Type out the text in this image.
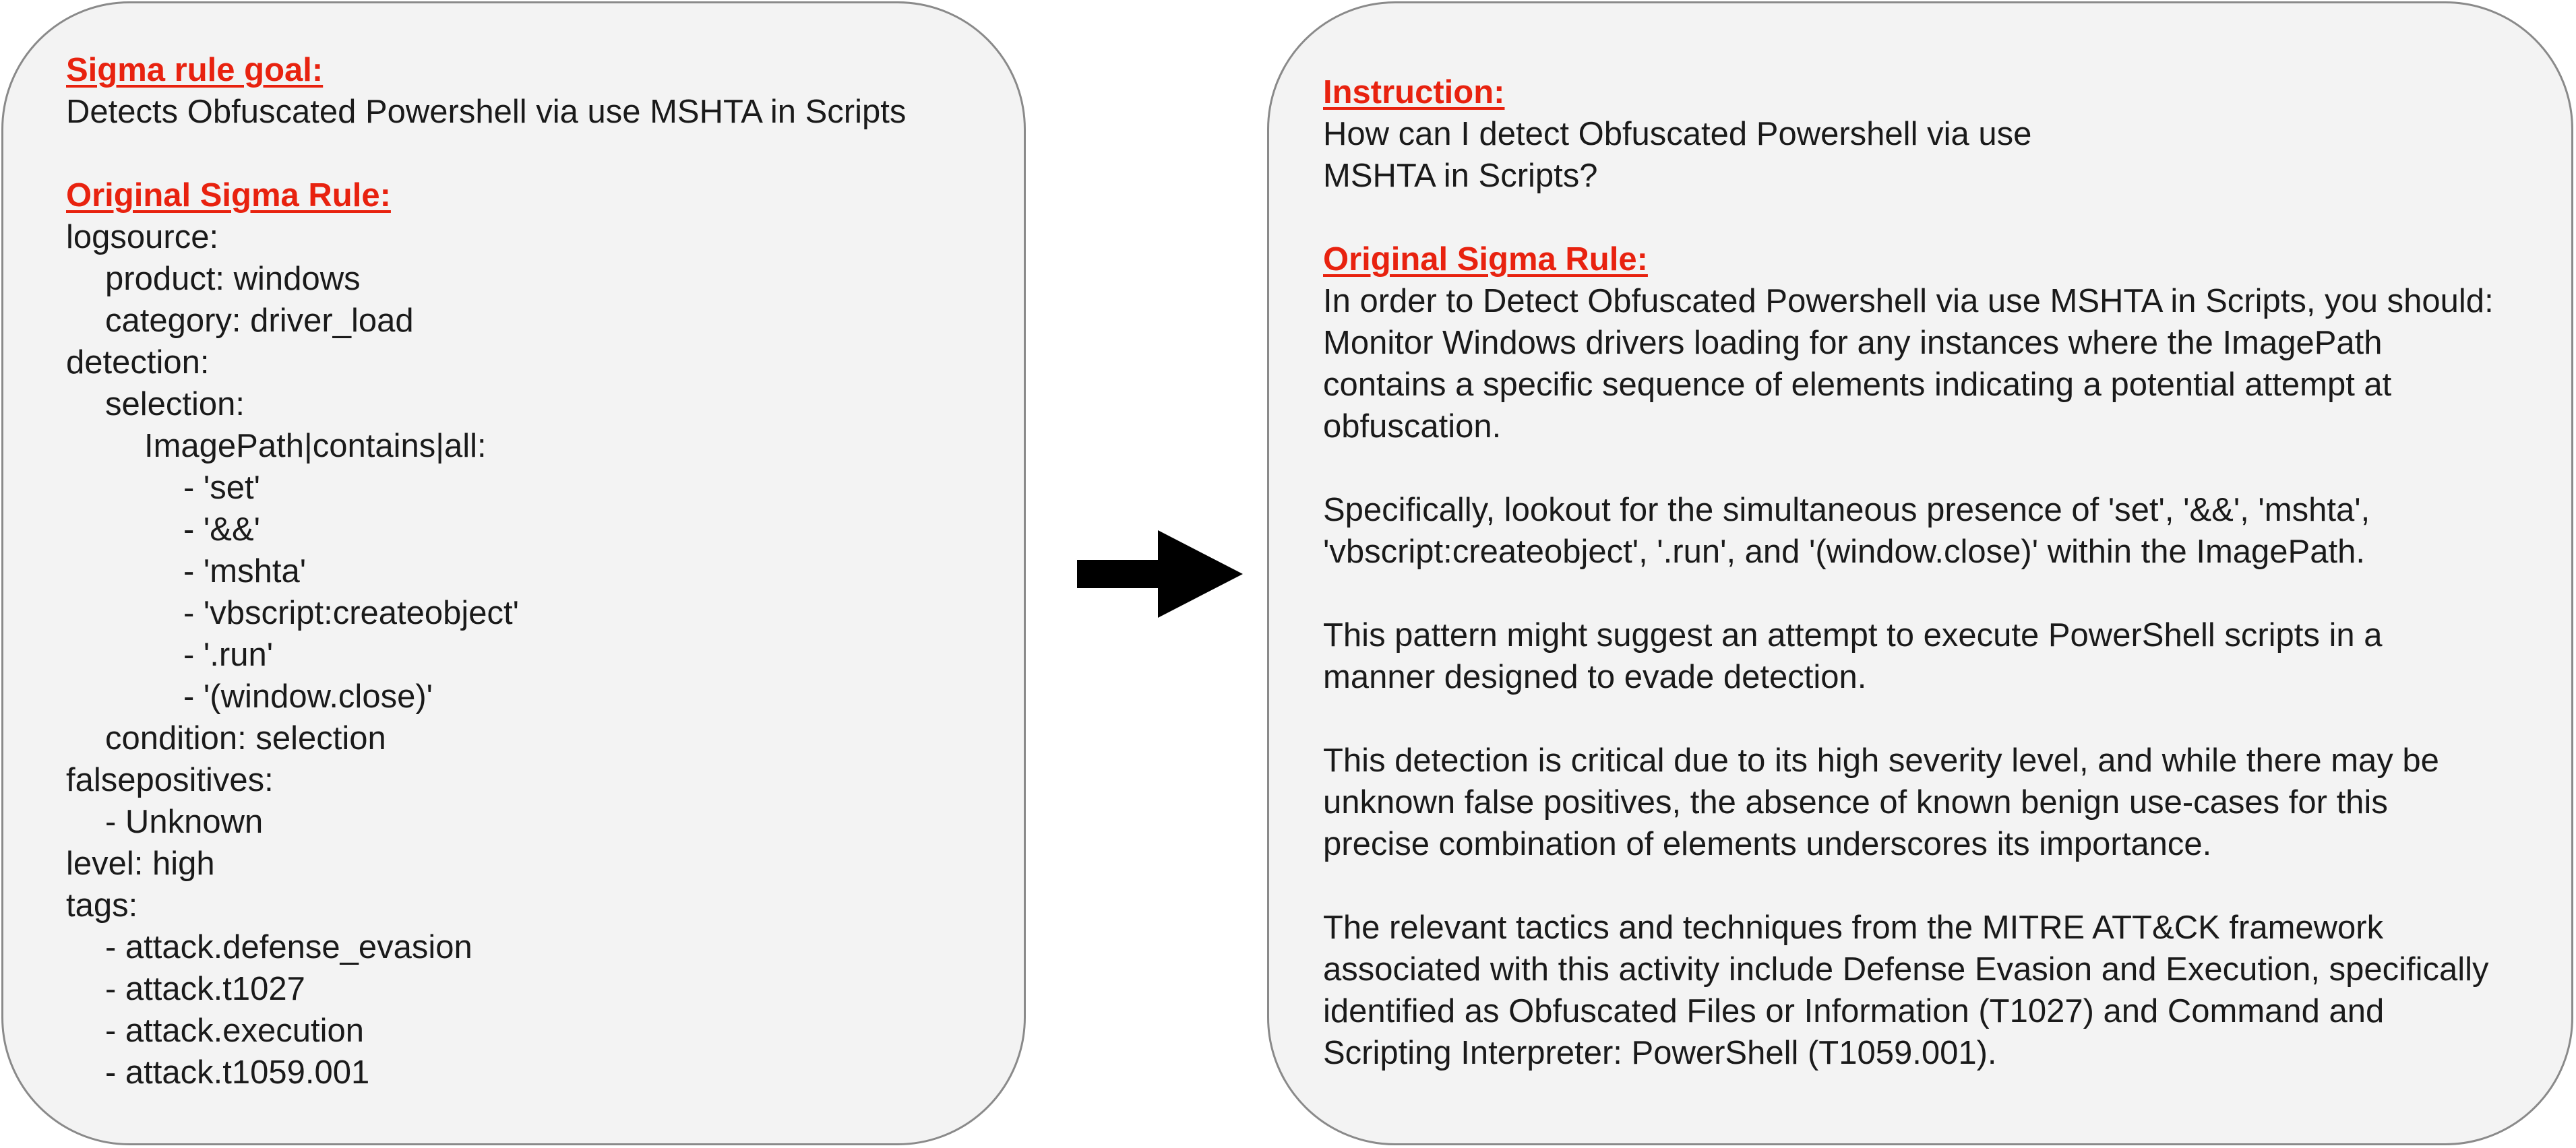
Sigma rule goal:
Detects Obfuscated Powershell via use MSHTA in Scripts
Original Sigma Rule:
logsource:
product: windows
category: driver_load
detection:
selection:
ImagePath|contains|all:
- 'set'
- '&&'
- 'mshta'
- 'vbscript:createobject'
- '.run'
- '(window.close)'
condition: selection
falsepositives:
- Unknown
level: high
tags:
- attack.defense_evasion
- attack.t1027
- attack.execution
- attack.t1059.001
Instruction:
How can I detect Obfuscated Powershell via use
MSHTA in Scripts?
Original Sigma Rule:
In order to Detect Obfuscated Powershell via use MSHTA in Scripts, you should:
Monitor Windows drivers loading for any instances where the ImagePath
contains a specific sequence of elements indicating a potential attempt at
obfuscation.
Specifically, lookout for the simultaneous presence of 'set', '&&', 'mshta',
'vbscript:createobject', '.run', and '(window.close)' within the ImagePath.
This pattern might suggest an attempt to execute PowerShell scripts in a
manner designed to evade detection.
This detection is critical due to its high severity level, and while there may be
unknown false positives, the absence of known benign use-cases for this
precise combination of elements underscores its importance.
The relevant tactics and techniques from the MITRE ATT&CK framework
associated with this activity include Defense Evasion and Execution, specifically
identified as Obfuscated Files or Information (T1027) and Command and
Scripting Interpreter: PowerShell (T1059.001).
